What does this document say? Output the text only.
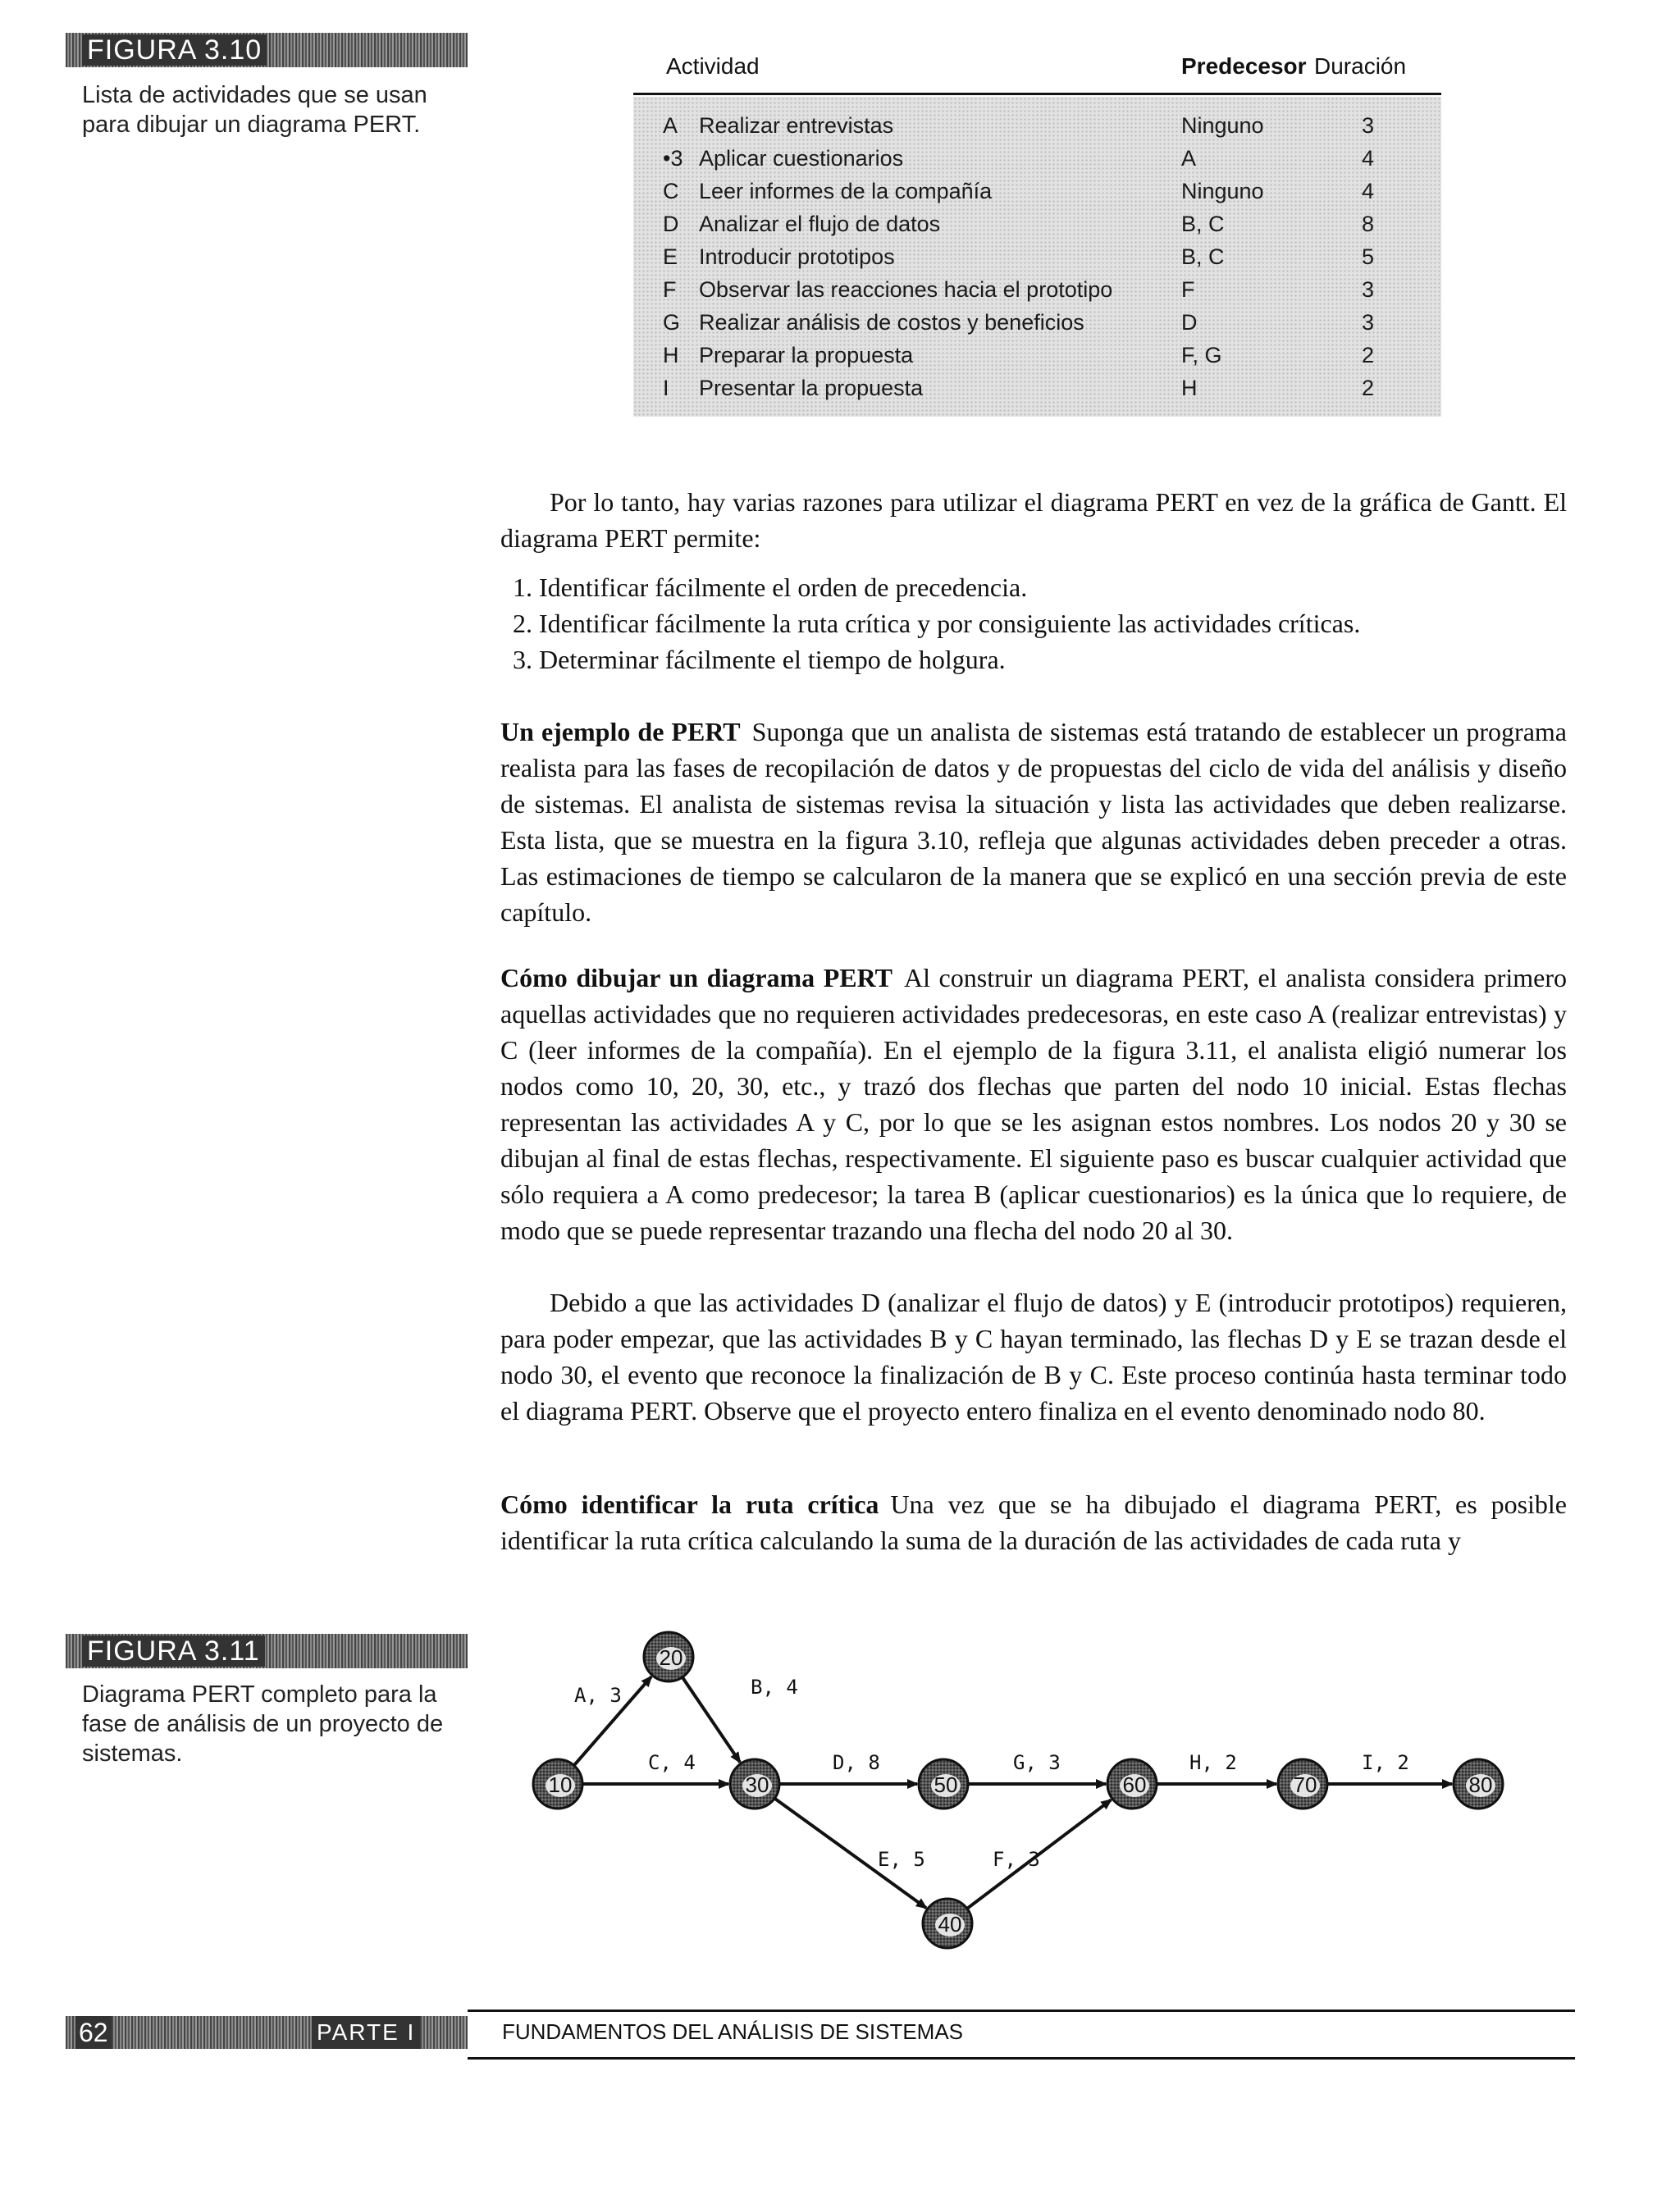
FIGURA 3.10
Lista de actividades que se usan para dibujar un diagrama PERT.
Actividad	Predecesor Duración
A Realizar entrevistas	Ninguno	3
•3 Aplicar cuestionarios	A	4
C Leer informes de la compañía	Ninguno	4
D Analizar el flujo de datos	B, C	8
E Introducir prototipos	B, C	5
F Observar las reacciones hacia el prototipo	F	3
G Realizar análisis de costos y beneficios	D	3
H Preparar la propuesta	F, G	2
I Presentar la propuesta	H	2

Por lo tanto, hay varias razones para utilizar el diagrama PERT en vez de la gráfica de Gantt. El diagrama PERT permite:

1. Identificar fácilmente el orden de precedencia.
2. Identificar fácilmente la ruta crítica y por consiguiente las actividades críticas.
3. Determinar fácilmente el tiempo de holgura.

Un ejemplo de PERT Suponga que un analista de sistemas está tratando de establecer un programa realista para las fases de recopilación de datos y de propuestas del ciclo de vida del análisis y diseño de sistemas. El analista de sistemas revisa la situación y lista las actividades que deben realizarse. Esta lista, que se muestra en la figura 3.10, refleja que algunas actividades deben preceder a otras. Las estimaciones de tiempo se calcularon de la manera que se explicó en una sección previa de este capítulo.

Cómo dibujar un diagrama PERT Al construir un diagrama PERT, el analista considera primero aquellas actividades que no requieren actividades predecesoras, en este caso A (realizar entrevistas) y C (leer informes de la compañía). En el ejemplo de la figura 3.11, el analista eligió numerar los nodos como 10, 20, 30, etc., y trazó dos flechas que parten del nodo 10 inicial. Estas flechas representan las actividades A y C, por lo que se les asignan estos nombres. Los nodos 20 y 30 se dibujan al final de estas flechas, respectivamente. El siguiente paso es buscar cualquier actividad que sólo requiera a A como predecesor; la tarea B (aplicar cuestionarios) es la única que lo requiere, de modo que se puede representar trazando una flecha del nodo 20 al 30.

Debido a que las actividades D (analizar el flujo de datos) y E (introducir prototipos) requieren, para poder empezar, que las actividades B y C hayan terminado, las flechas D y E se trazan desde el nodo 30, el evento que reconoce la finalización de B y C. Este proceso continúa hasta terminar todo el diagrama PERT. Observe que el proyecto entero finaliza en el evento denominado nodo 80.

Cómo identificar la ruta crítica Una vez que se ha dibujado el diagrama PERT, es posible identificar la ruta crítica calculando la suma de la duración de las actividades de cada ruta y

FIGURA 3.11
Diagrama PERT completo para la fase de análisis de un proyecto de sistemas.
A, 3	B, 4
C, 4	D, 8
E, 5	F, 3
G, 3	H, 2	I, 2
10
20
30
40
50	60	70	80
62	PARTE I	FUNDAMENTOS DEL ANÁLISIS DE SISTEMAS
